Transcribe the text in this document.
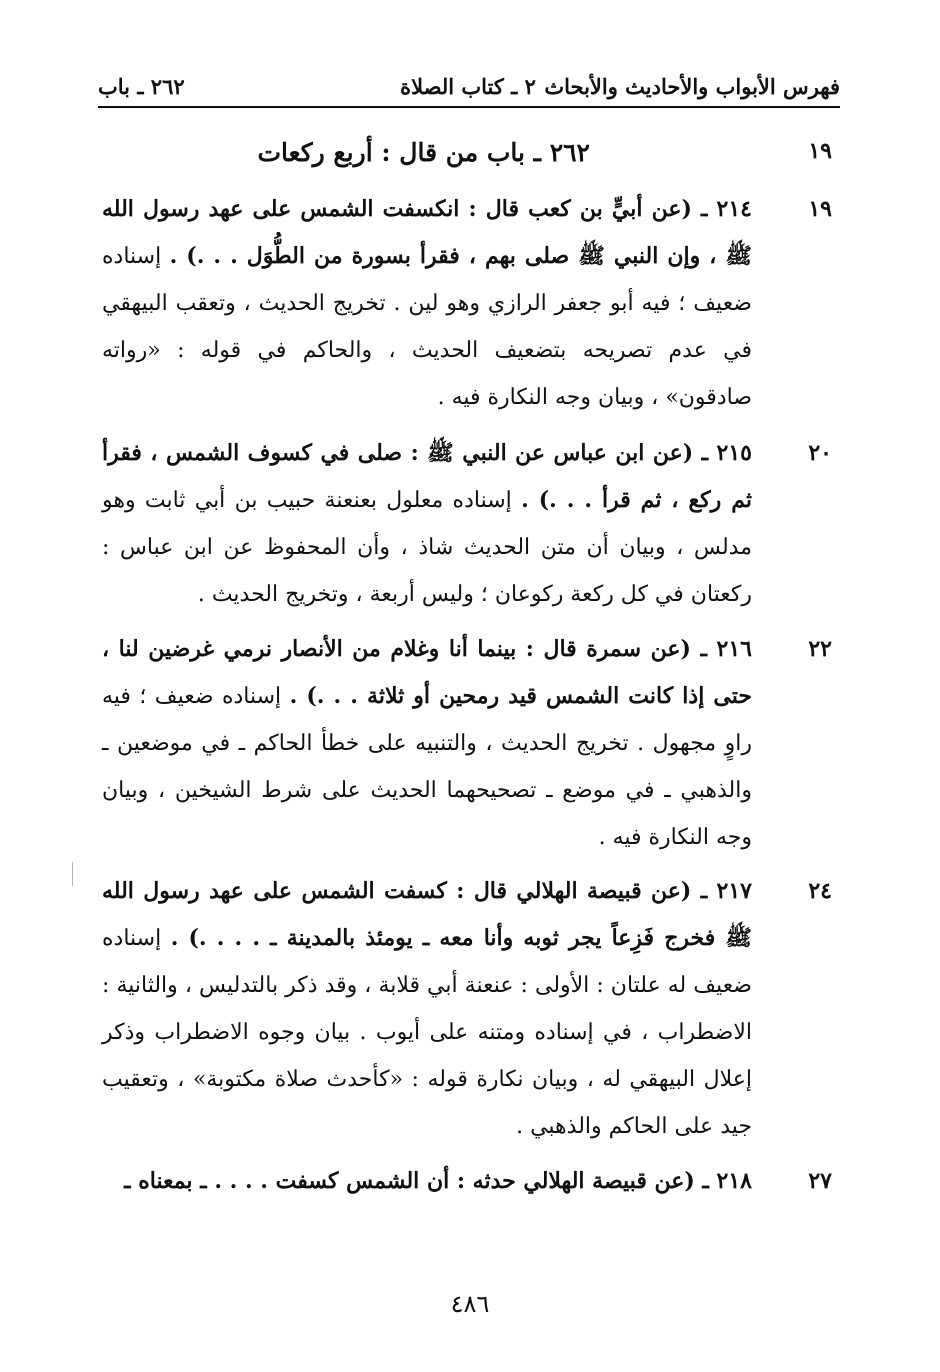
فهرس الأبواب والأحاديث والأبحاث
٢ ـ كتاب الصلاة
٢٦٢ ـ باب
١٩
٢٦٢ ـ باب من قال : أربع ركعات
١٩
٢١٤ ـ (عن أبيٍّ بن كعب قال : انكسفت الشمس على عهد رسول الله ﷺ ، وإن النبي ﷺ صلى بهم ، فقرأ بسورة من الطُّوَل . . .) . إسناده ضعيف ؛ فيه أبو جعفر الرازي وهو لين . تخريج الحديث ، وتعقب البيهقي في عدم تصريحه بتضعيف الحديث ، والحاكم في قوله : «رواته صادقون» ، وبيان وجه النكارة فيه .
٢٠
٢١٥ ـ (عن ابن عباس عن النبي ﷺ : صلى في كسوف الشمس ، فقرأ ثم ركع ، ثم قرأ . . .) . إسناده معلول بعنعنة حبيب بن أبي ثابت وهو مدلس ، وبيان أن متن الحديث شاذ ، وأن المحفوظ عن ابن عباس : ركعتان في كل ركعة ركوعان ؛ وليس أربعة ، وتخريج الحديث .
٢٢
٢١٦ ـ (عن سمرة قال : بينما أنا وغلام من الأنصار نرمي غرضين لنا ، حتى إذا كانت الشمس قيد رمحين أو ثلاثة . . .) . إسناده ضعيف ؛ فيه راوٍ مجهول . تخريج الحديث ، والتنبيه على خطأ الحاكم ـ في موضعين ـ والذهبي ـ في موضع ـ تصحيحهما الحديث على شرط الشيخين ، وبيان وجه النكارة فيه .
٢٤
٢١٧ ـ (عن قبيصة الهلالي قال : كسفت الشمس على عهد رسول الله ﷺ فخرج فَزِعاً يجر ثوبه وأنا معه ـ يومئذ بالمدينة ـ . . . .) . إسناده ضعيف له علتان : الأولى : عنعنة أبي قلابة ، وقد ذكر بالتدليس ، والثانية : الاضطراب ، في إسناده ومتنه على أيوب . بيان وجوه الاضطراب وذكر إعلال البيهقي له ، وبيان نكارة قوله : «كأحدث صلاة مكتوبة» ، وتعقيب جيد على الحاكم والذهبي .
٢٧
٢١٨ ـ (عن قبيصة الهلالي حدثه : أن الشمس كسفت . . . . ـ بمعناه ـ
٤٨٦
